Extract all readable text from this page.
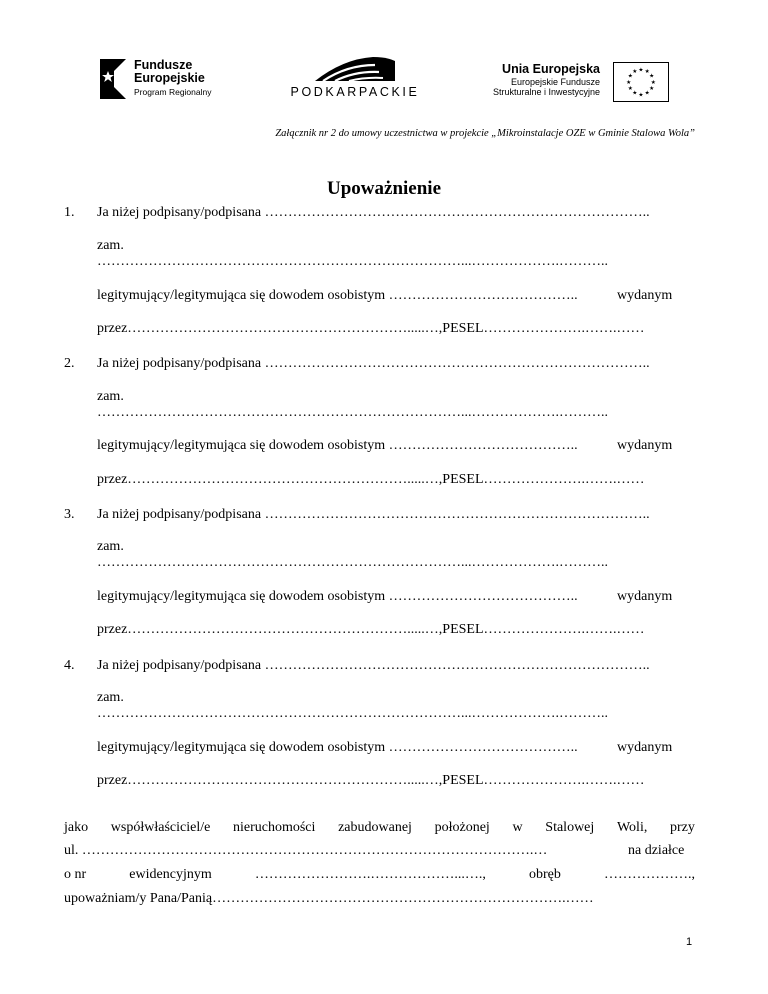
Fundusze
Europejskie
Program Regionalny	PODKARPACKIE
Unia Europejska
Europejskie Fundusze
Strukturalne i Inwestycyjne
★ ★
★
★
★
★
★
★
★
★
★
★
Załącznik nr 2 do umowy uczestnictwa w projekcie „Mikroinstalacje OZE w Gminie Stalowa Wola”
Upoważnienie
1. Ja niżej podpisany/podpisana ………………………………………………………………………..
zam.
……………………………………………………………………...……………….………..
legitymujący/legitymująca się dowodem osobistym …………………………………..	wydanym
przez…………………………………………………….....…,PESEL………………….…….……
2. Ja niżej podpisany/podpisana ………………………………………………………………………..
zam.
……………………………………………………………………...……………….………..
legitymujący/legitymująca się dowodem osobistym …………………………………..	wydanym
przez…………………………………………………….....…,PESEL………………….…….……
3. Ja niżej podpisany/podpisana ………………………………………………………………………..
zam.
……………………………………………………………………...……………….………..
legitymujący/legitymująca się dowodem osobistym …………………………………..	wydanym
przez…………………………………………………….....…,PESEL………………….…….……
4. Ja niżej podpisany/podpisana ………………………………………………………………………..
zam.
……………………………………………………………………...……………….………..
legitymujący/legitymująca się dowodem osobistym …………………………………..	wydanym
przez…………………………………………………….....…,PESEL………………….…….……
jako współwłaściciel/e nieruchomości zabudowanej położonej w Stalowej Woli, przy
ul. …………………………………………………………………………………….…	na działce
o nr	ewidencyjnym	…………………….………………...….,	obręb	……………….,
upoważniam/y Pana/Panią………………………………………………………………….……
1
